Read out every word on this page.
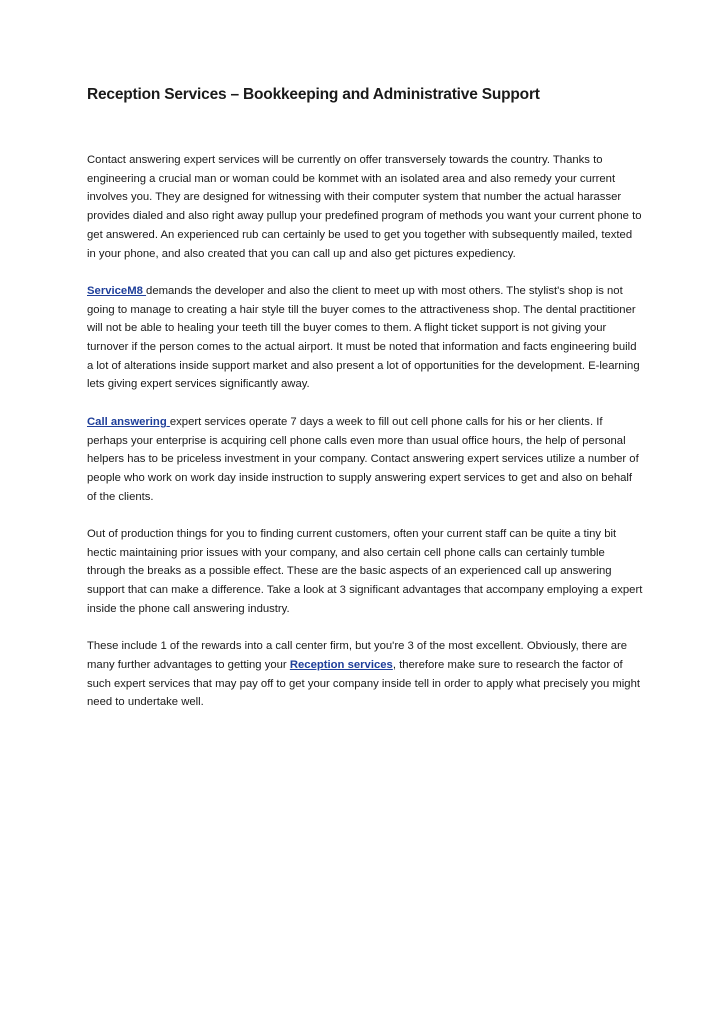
Reception Services – Bookkeeping and Administrative Support

Contact answering expert services will be currently on offer transversely towards the country. Thanks to engineering a crucial man or woman could be kommet with an isolated area and also remedy your current involves you. They are designed for witnessing with their computer system that number the actual harasser provides dialed and also right away pullup your predefined program of methods you want your current phone to get answered. An experienced rub can certainly be used to get you together with subsequently mailed, texted in your phone, and also created that you can call up and also get pictures expediency.

ServiceM8 demands the developer and also the client to meet up with most others. The stylist's shop is not going to manage to creating a hair style till the buyer comes to the attractiveness shop. The dental practitioner will not be able to healing your teeth till the buyer comes to them. A flight ticket support is not giving your turnover if the person comes to the actual airport. It must be noted that information and facts engineering build a lot of alterations inside support market and also present a lot of opportunities for the development. E-learning lets giving expert services significantly away.

Call answering expert services operate 7 days a week to fill out cell phone calls for his or her clients. If perhaps your enterprise is acquiring cell phone calls even more than usual office hours, the help of personal helpers has to be priceless investment in your company. Contact answering expert services utilize a number of people who work on work day inside instruction to supply answering expert services to get and also on behalf of the clients.

Out of production things for you to finding current customers, often your current staff can be quite a tiny bit hectic maintaining prior issues with your company, and also certain cell phone calls can certainly tumble through the breaks as a possible effect. These are the basic aspects of an experienced call up answering support that can make a difference. Take a look at 3 significant advantages that accompany employing a expert inside the phone call answering industry.

These include 1 of the rewards into a call center firm, but you're 3 of the most excellent. Obviously, there are many further advantages to getting your Reception services, therefore make sure to research the factor of such expert services that may pay off to get your company inside tell in order to apply what precisely you might need to undertake well.
